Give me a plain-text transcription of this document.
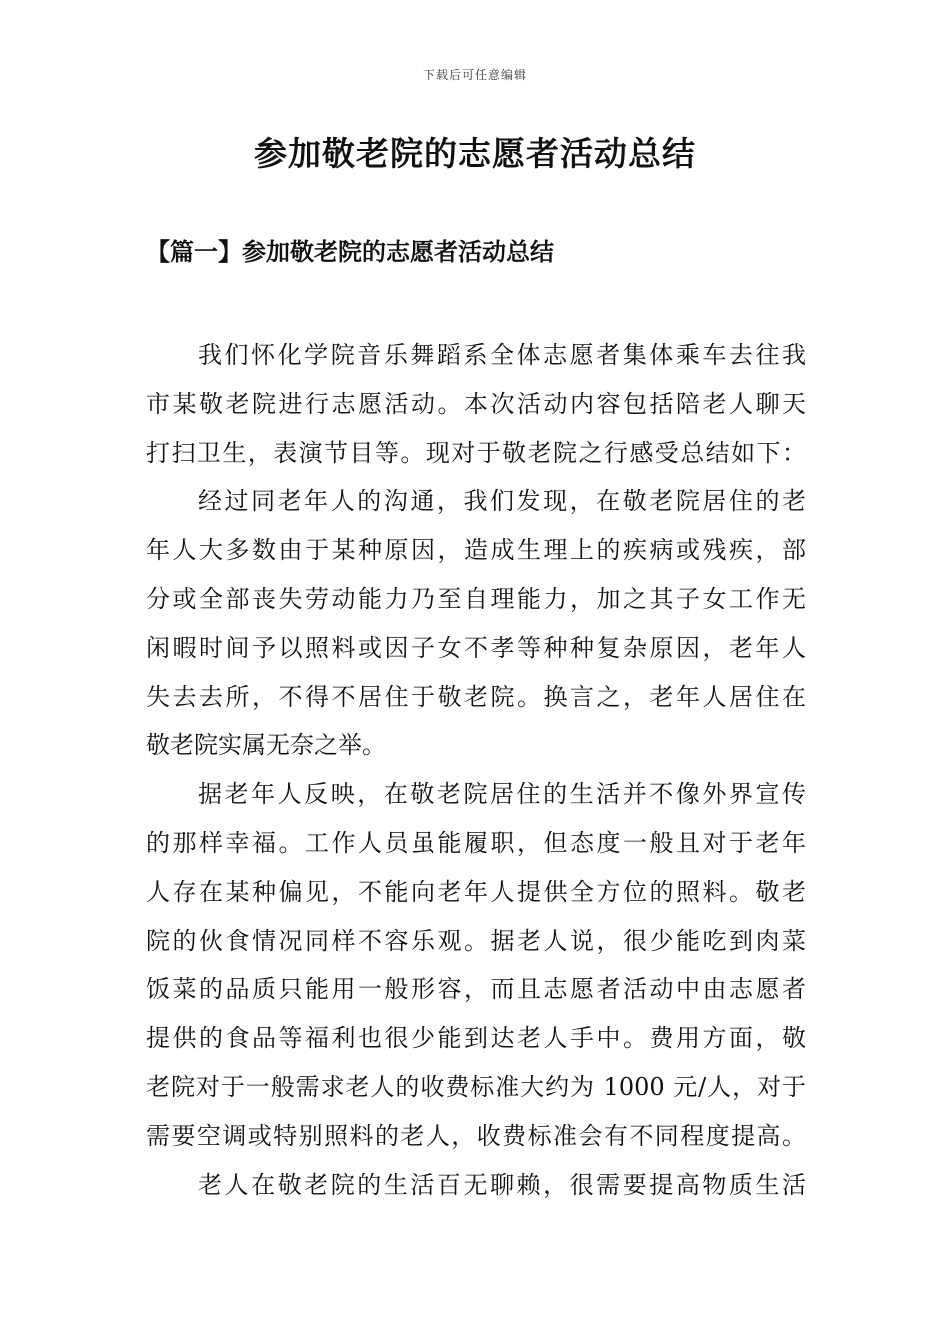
下载后可任意编辑
参加敬老院的志愿者活动总结
【篇一】参加敬老院的志愿者活动总结
我们怀化学院音乐舞蹈系全体志愿者集体乘车去往我
市某敬老院进行志愿活动。本次活动内容包括陪老人聊天
打扫卫生，表演节目等。现对于敬老院之行感受总结如下：
经过同老年人的沟通，我们发现，在敬老院居住的老
年人大多数由于某种原因，造成生理上的疾病或残疾，部
分或全部丧失劳动能力乃至自理能力，加之其子女工作无
闲暇时间予以照料或因子女不孝等种种复杂原因，老年人
失去去所，不得不居住于敬老院。换言之，老年人居住在
敬老院实属无奈之举。
据老年人反映，在敬老院居住的生活并不像外界宣传
的那样幸福。工作人员虽能履职，但态度一般且对于老年
人存在某种偏见，不能向老年人提供全方位的照料。敬老
院的伙食情况同样不容乐观。据老人说，很少能吃到肉菜
饭菜的品质只能用一般形容，而且志愿者活动中由志愿者
提供的食品等福利也很少能到达老人手中。费用方面，敬
老院对于一般需求老人的收费标准大约为 1000 元/人，对于
需要空调或特别照料的老人，收费标准会有不同程度提高。
老人在敬老院的生活百无聊赖，很需要提高物质生活
